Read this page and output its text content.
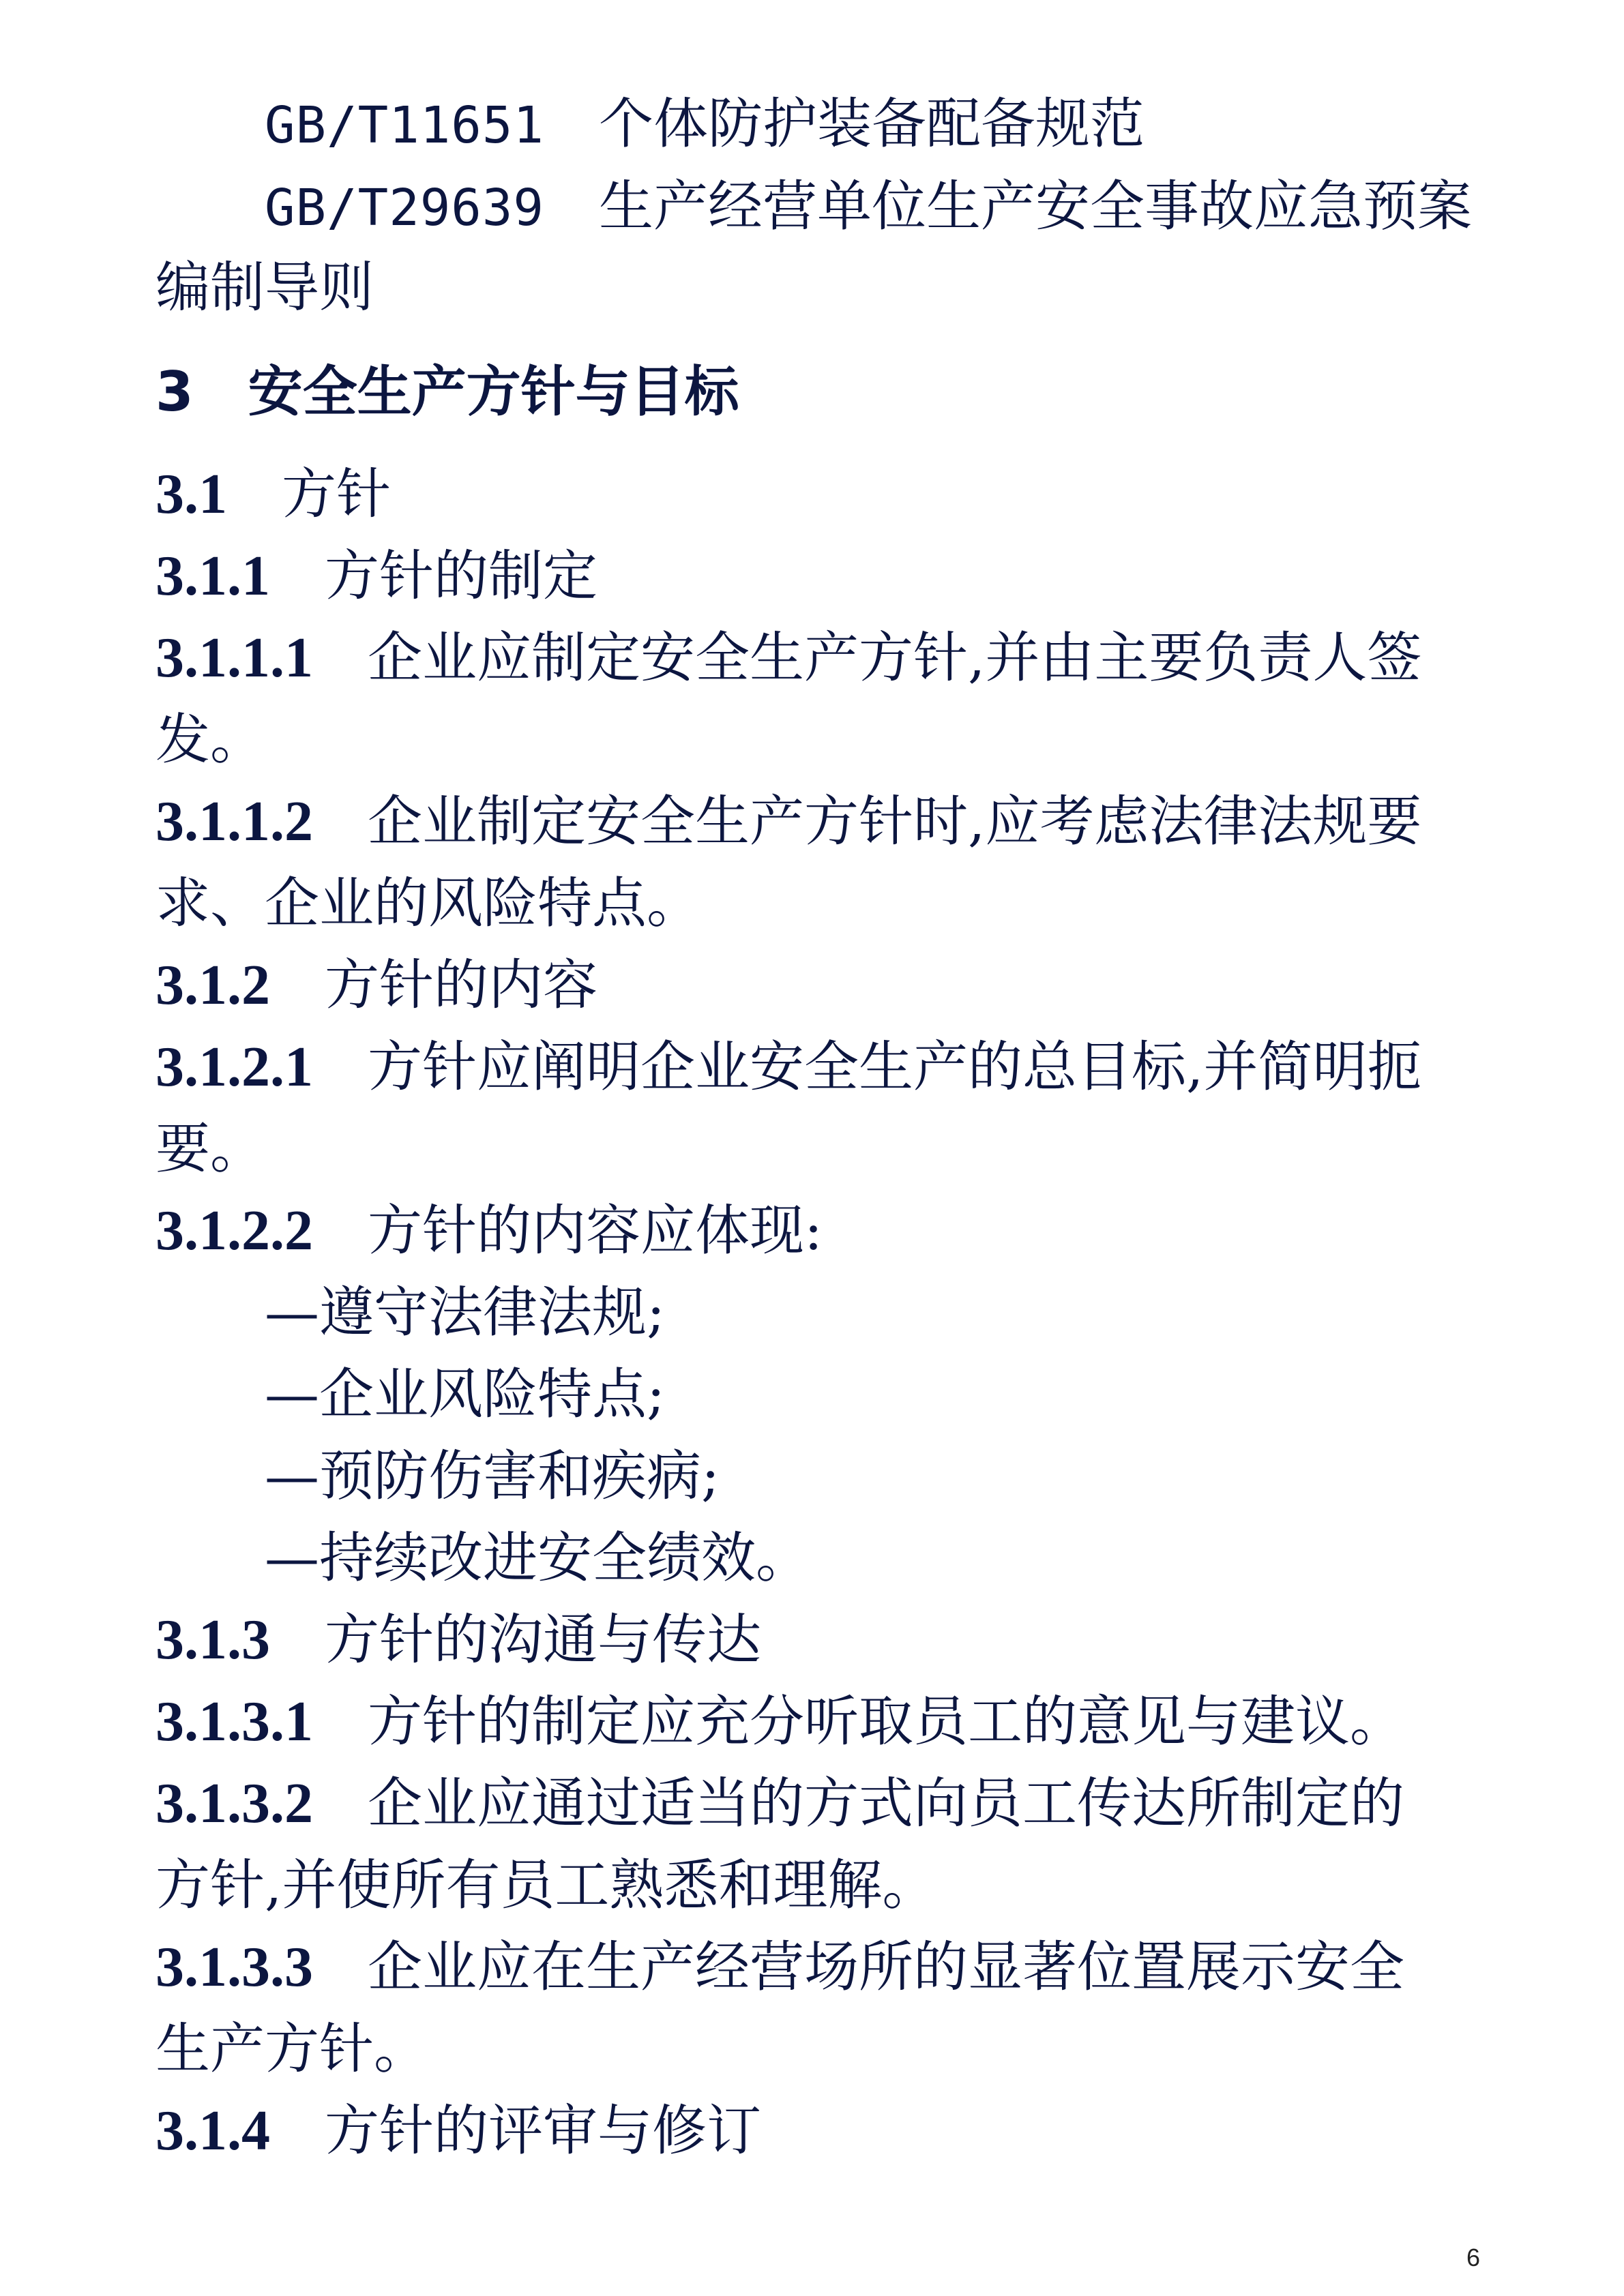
GB/T11651 个体防护装备配备规范
GB/T29639 生产经营单位生产安全事故应急预案
编制导则
3 安全生产方针与目标
3.1 方针
3.1.1 方针的制定
3.1.1.1 企业应制定安全生产方针,并由主要负责人签
发。
3.1.1.2 企业制定安全生产方针时,应考虑法律法规要
求、企业的风险特点。
3.1.2 方针的内容
3.1.2.1 方针应阐明企业安全生产的总目标,并简明扼
要。
3.1.2.2 方针的内容应体现:
—遵守法律法规;
—企业风险特点;
—预防伤害和疾病;
—持续改进安全绩效。
3.1.3 方针的沟通与传达
3.1.3.1 方针的制定应充分听取员工的意见与建议。
3.1.3.2 企业应通过适当的方式向员工传达所制定的
方针,并使所有员工熟悉和理解。
3.1.3.3 企业应在生产经营场所的显著位置展示安全
生产方针。
3.1.4 方针的评审与修订
6
